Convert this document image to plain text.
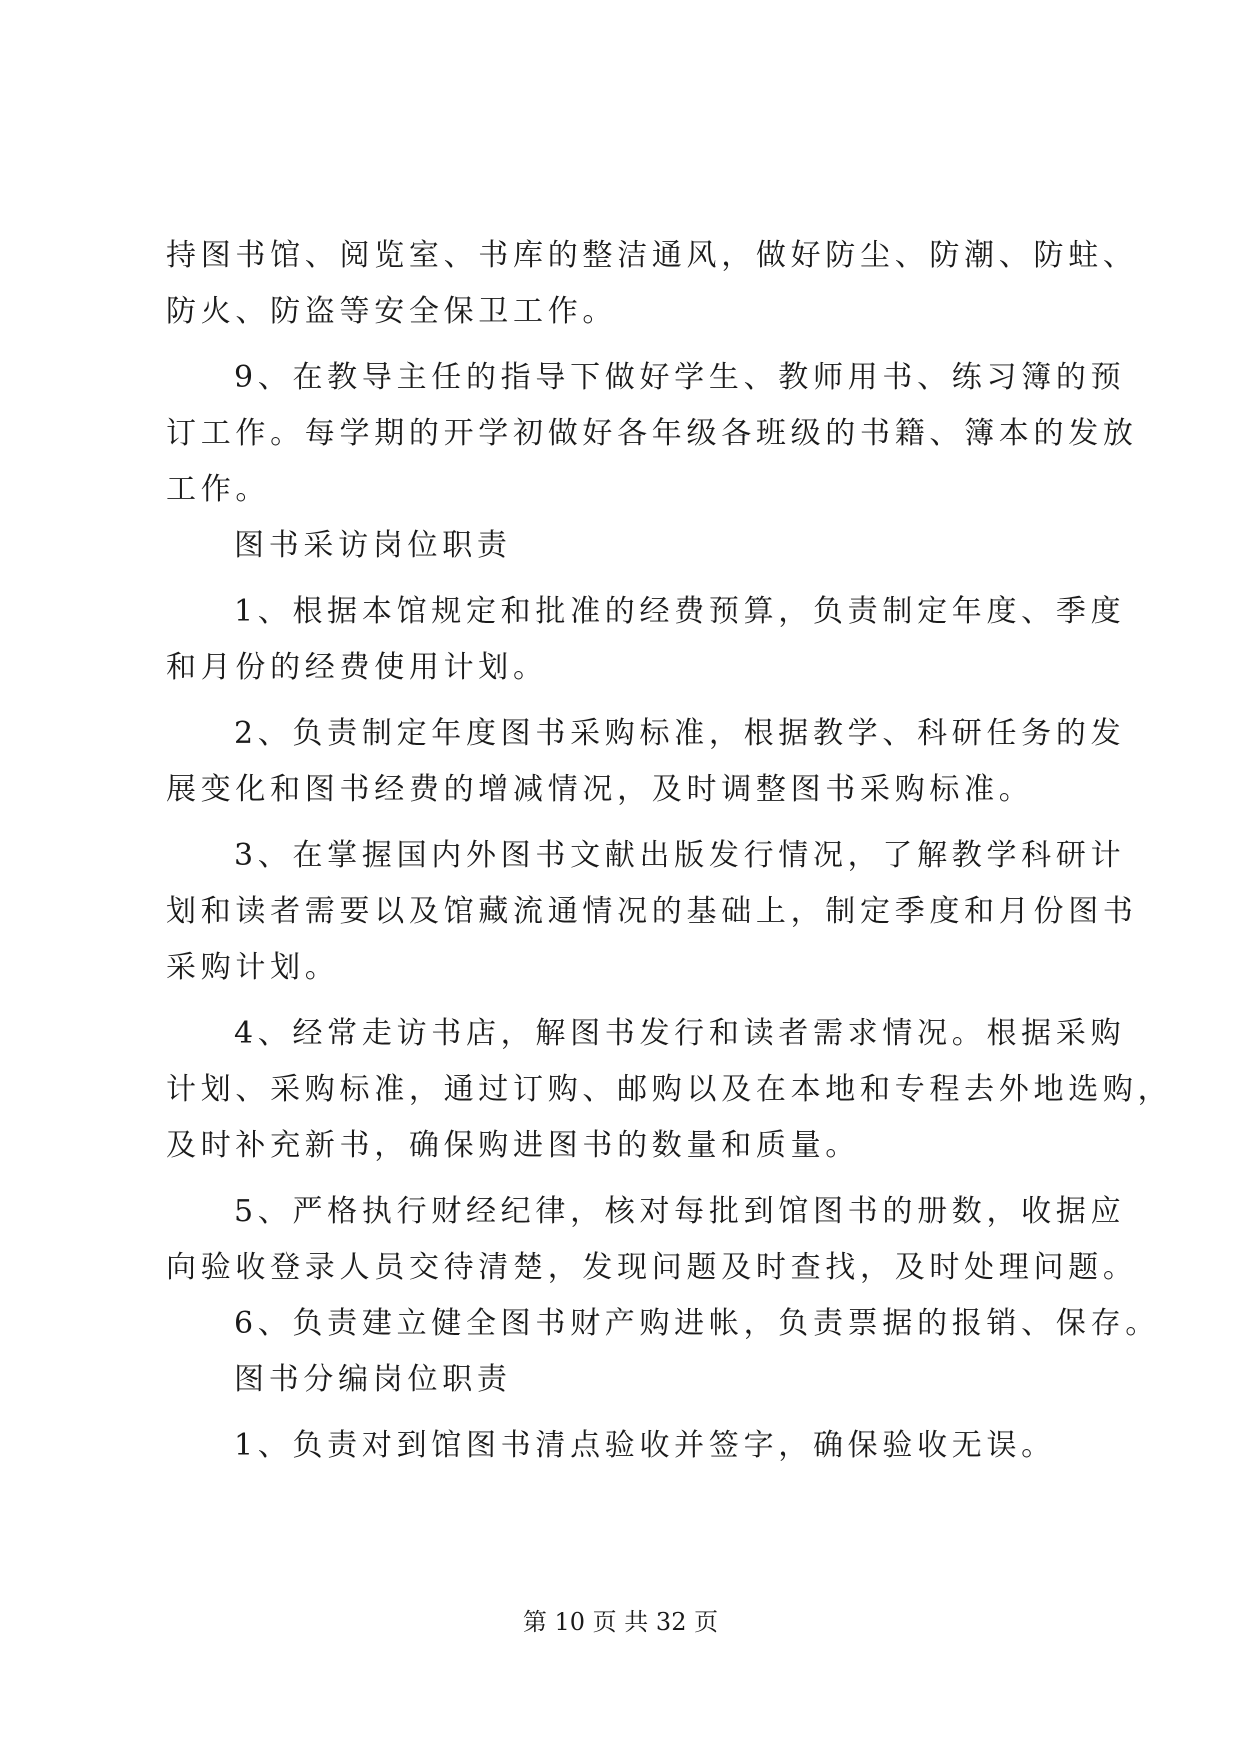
持图书馆、阅览室、书库的整洁通风，做好防尘、防潮、防蛀、
防火、防盗等安全保卫工作。
9、在教导主任的指导下做好学生、教师用书、练习簿的预
订工作。每学期的开学初做好各年级各班级的书籍、簿本的发放
工作。
图书采访岗位职责
1、根据本馆规定和批准的经费预算，负责制定年度、季度
和月份的经费使用计划。
2、负责制定年度图书采购标准，根据教学、科研任务的发
展变化和图书经费的增减情况，及时调整图书采购标准。
3、在掌握国内外图书文献出版发行情况，了解教学科研计
划和读者需要以及馆藏流通情况的基础上，制定季度和月份图书
采购计划。
4、经常走访书店，解图书发行和读者需求情况。根据采购
计划、采购标准，通过订购、邮购以及在本地和专程去外地选购，
及时补充新书，确保购进图书的数量和质量。
5、严格执行财经纪律，核对每批到馆图书的册数，收据应
向验收登录人员交待清楚，发现问题及时查找，及时处理问题。
6、负责建立健全图书财产购进帐，负责票据的报销、保存。
图书分编岗位职责
1、负责对到馆图书清点验收并签字，确保验收无误。
第 10 页 共 32 页
